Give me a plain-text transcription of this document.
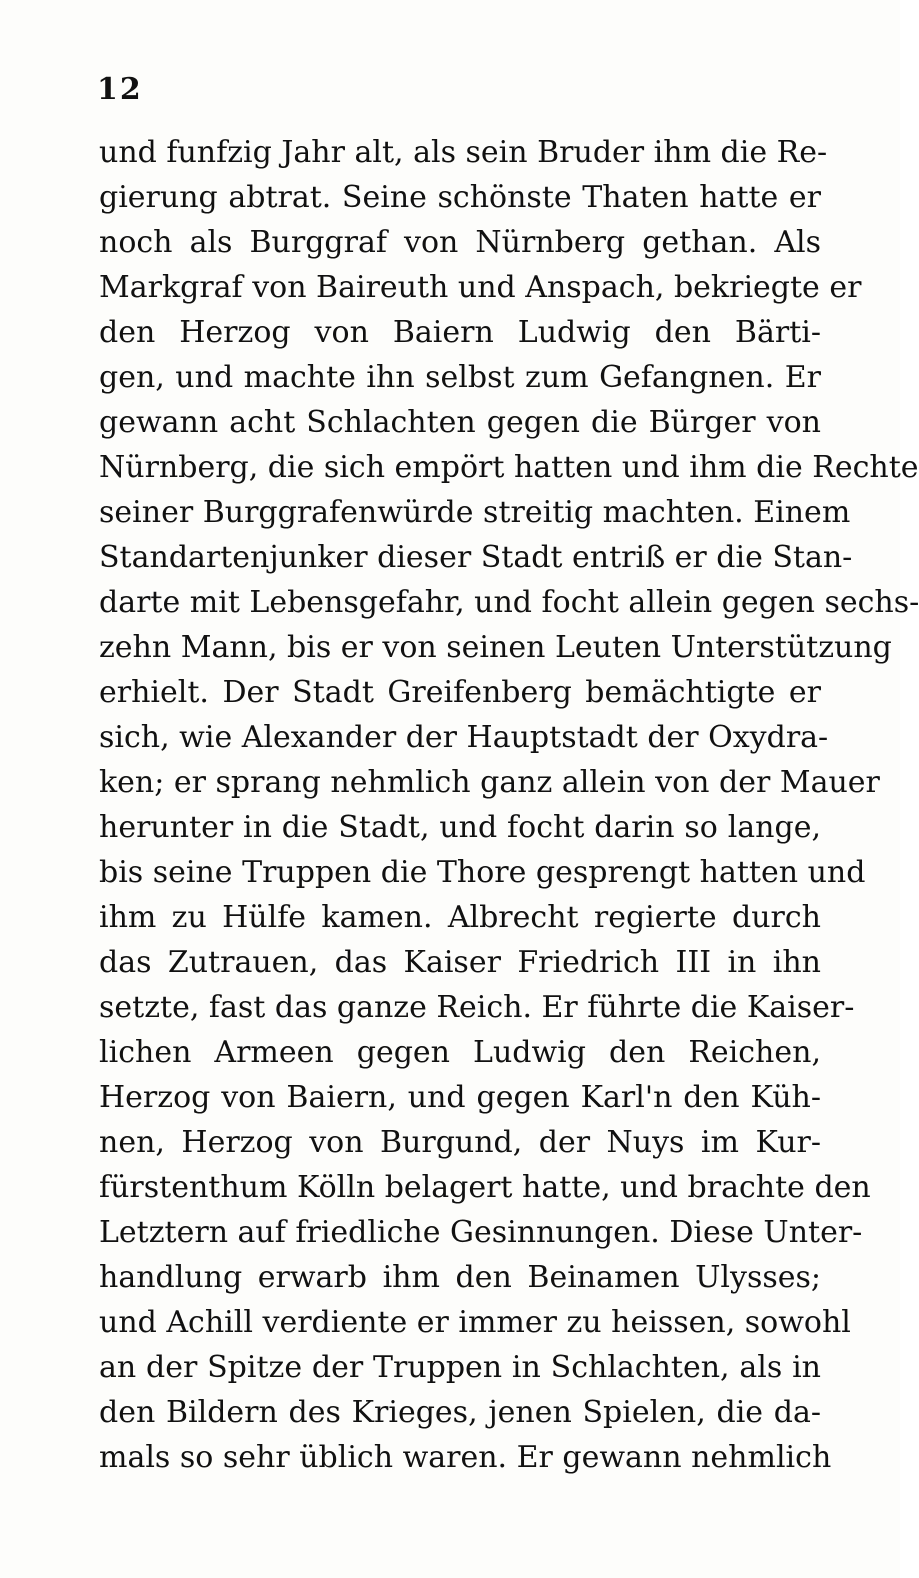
12
und funfzig Jahr alt, als sein Bruder ihm die Re-
gierung abtrat. Seine schönste Thaten hatte er
noch als Burggraf von Nürnberg gethan. Als
Markgraf von Baireuth und Anspach, bekriegte er
den Herzog von Baiern Ludwig den Bärti-
gen, und machte ihn selbst zum Gefangnen. Er
gewann acht Schlachten gegen die Bürger von
Nürnberg, die sich empört hatten und ihm die Rechte
seiner Burggrafenwürde streitig machten. Einem
Standartenjunker dieser Stadt entriß er die Stan-
darte mit Lebensgefahr, und focht allein gegen sechs-
zehn Mann, bis er von seinen Leuten Unterstützung
erhielt. Der Stadt Greifenberg bemächtigte er
sich, wie Alexander der Hauptstadt der Oxydra-
ken; er sprang nehmlich ganz allein von der Mauer
herunter in die Stadt, und focht darin so lange,
bis seine Truppen die Thore gesprengt hatten und
ihm zu Hülfe kamen. Albrecht regierte durch
das Zutrauen, das Kaiser Friedrich III in ihn
setzte, fast das ganze Reich. Er führte die Kaiser-
lichen Armeen gegen Ludwig den Reichen,
Herzog von Baiern, und gegen Karl'n den Küh-
nen, Herzog von Burgund, der Nuys im Kur-
fürstenthum Kölln belagert hatte, und brachte den
Letztern auf friedliche Gesinnungen. Diese Unter-
handlung erwarb ihm den Beinamen Ulysses;
und Achill verdiente er immer zu heissen, sowohl
an der Spitze der Truppen in Schlachten, als in
den Bildern des Krieges, jenen Spielen, die da-
mals so sehr üblich waren. Er gewann nehmlich
